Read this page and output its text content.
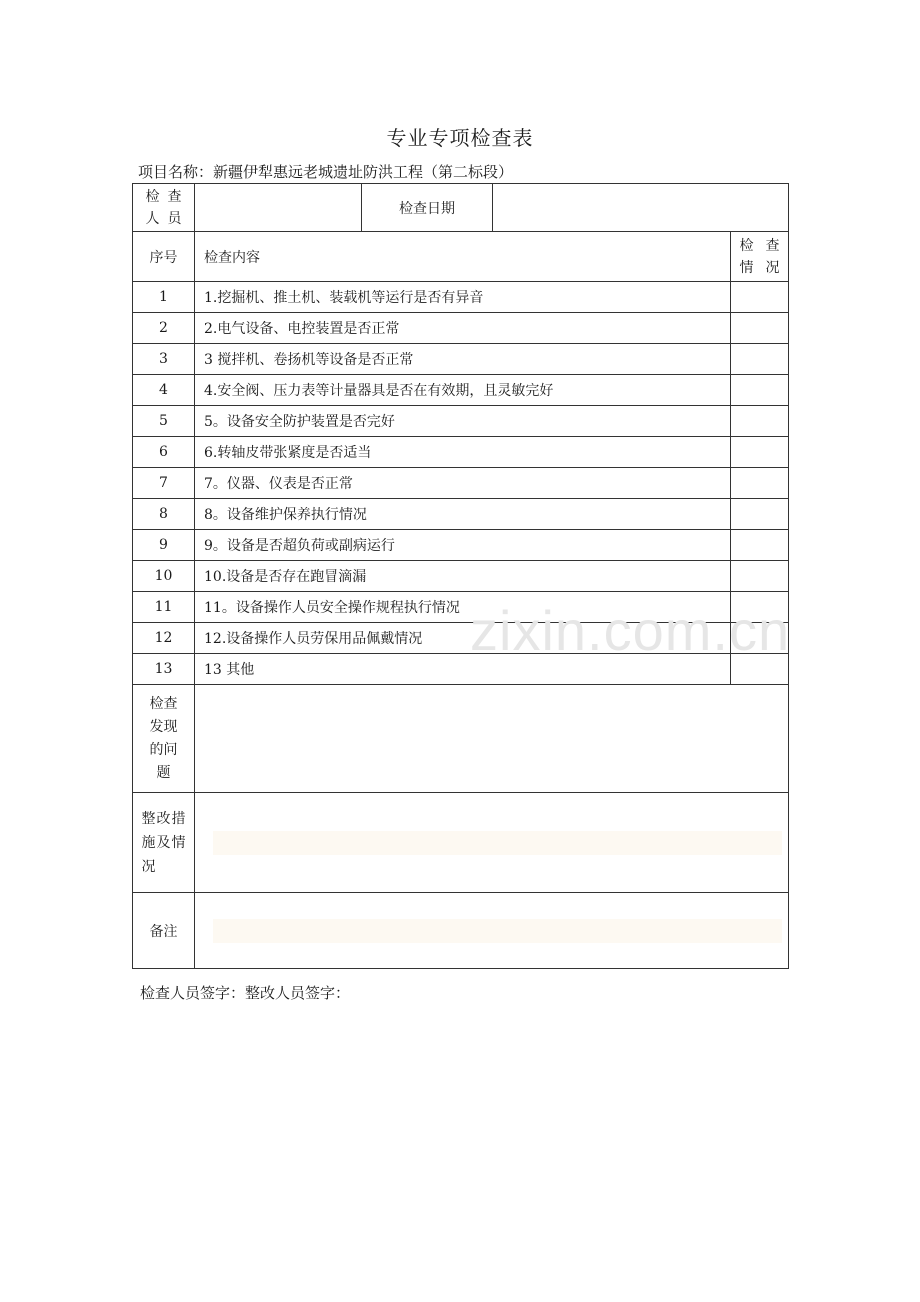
专业专项检查表
项目名称：新疆伊犁惠远老城遗址防洪工程（第二标段）
检查人员		检查日期		
序号	检查内容			检查情况

1	1.挖掘机、推土机、装载机等运行是否有异音			
2	2.电气设备、电控装置是否正常			
3	3 搅拌机、卷扬机等设备是否正常			
4	4.安全阀、压力表等计量器具是否在有效期，且灵敏完好			
5	5。设备安全防护装置是否完好			
6	6.转轴皮带张紧度是否适当			
7	7。仪器、仪表是否正常			
8	8。设备维护保养执行情况			
9	9。设备是否超负荷或副病运行			
10	10.设备是否存在跑冒滴漏			
11	11。设备操作人员安全操作规程执行情况			
12	12.设备操作人员劳保用品佩戴情况			
13	13 其他			

检查发现的问题				

整改措施及情况				

备注				
检查人员签字：整改人员签字：
zixin.com.cn
